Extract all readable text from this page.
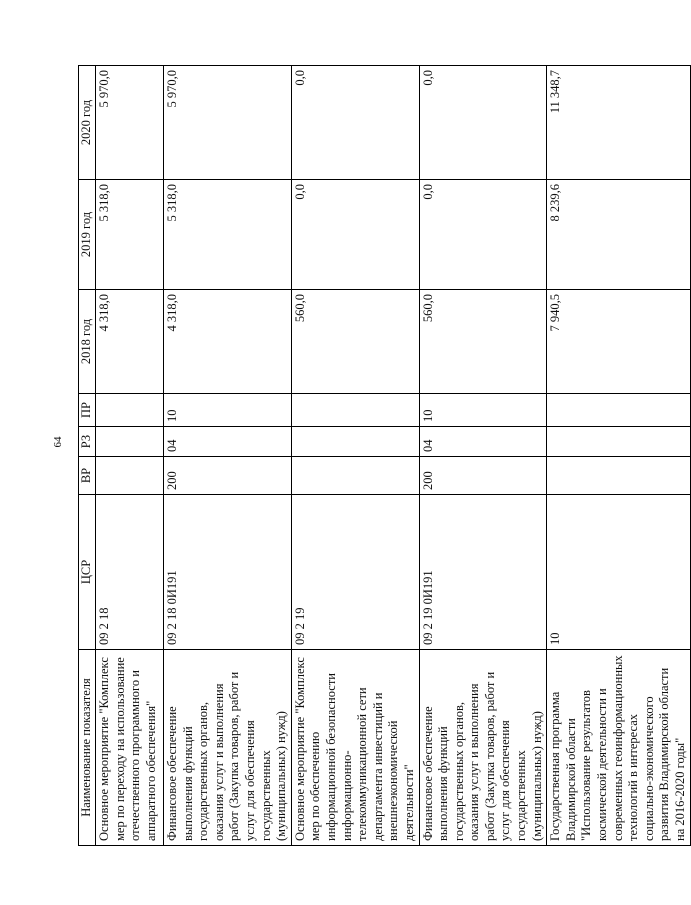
64
Наименование показателя	ЦСР	ВР	РЗ	ПР	2018 год	2019 год	2020 год
Основное мероприятие "Комплекс мер по переходу на использование отечественного программного и аппаратного обеспечения"	09 2 18				4 318,0	5 318,0	5 970,0
Финансовое обеспечение выполнения функций государственных органов, оказания услуг и выполнения работ (Закупка товаров, работ и услуг для обеспечения государственных (муниципальных) нужд)	09 2 18 0И191	200	04	10	4 318,0	5 318,0	5 970,0
Основное мероприятие "Комплекс мер по обеспечению информационной безопасности информационно-телекоммуникационной сети департамента инвестиций и внешнеэкономической деятельности"	09 2 19				560,0	0,0	0,0
Финансовое обеспечение выполнения функций государственных органов, оказания услуг и выполнения работ (Закупка товаров, работ и услуг для обеспечения государственных (муниципальных) нужд)	09 2 19 0И191	200	04	10	560,0	0,0	0,0
Государственная программа Владимирской области "Использование результатов космической деятельности и современных геоинформационных технологий в интересах социально-экономического развития Владимирской области на 2016-2020 годы"	10				7 940,5	8 239,6	11 348,7
